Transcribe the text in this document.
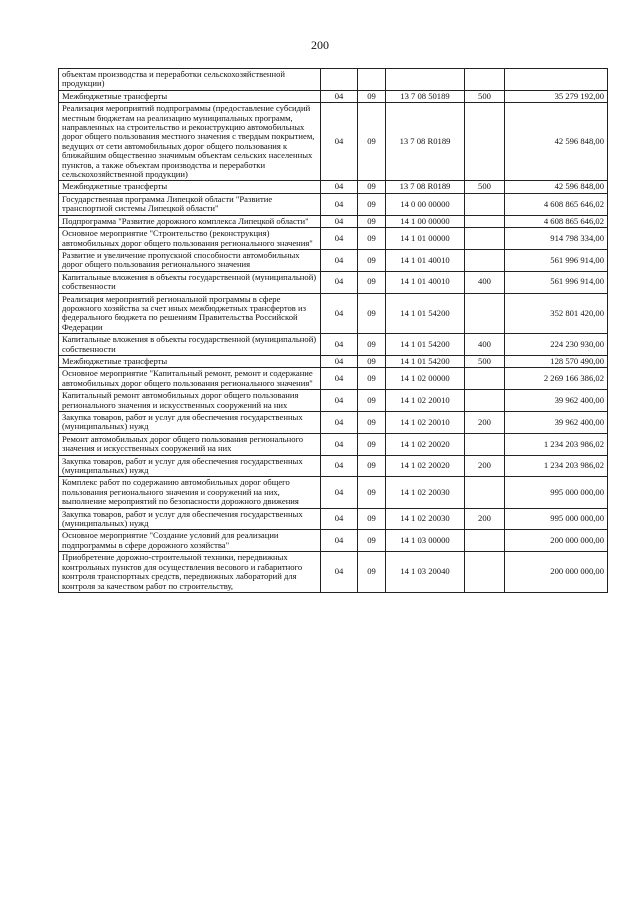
200
объектам производства и переработки сельскохозяйственной продукции)					
Межбюджетные трансферты	04	09	13 7 08 50189	500	35 279 192,00
Реализация мероприятий подпрограммы (предоставление субсидий местным бюджетам на реализацию муниципальных программ, направленных на строительство и реконструкцию автомобильных дорог общего пользования местного значения с твердым покрытием, ведущих от сети автомобильных дорог общего пользования к ближайшим общественно значимым объектам сельских населенных пунктов, а также объектам производства и переработки сельскохозяйственной продукции)	04	09	13 7 08 R0189		42 596 848,00
Межбюджетные трансферты	04	09	13 7 08 R0189	500	42 596 848,00
Государственная программа Липецкой области "Развитие транспортной системы Липецкой области"	04	09	14 0 00 00000		4 608 865 646,02
Подпрограмма "Развитие дорожного комплекса Липецкой области"	04	09	14 1 00 00000		4 608 865 646,02
Основное мероприятие "Строительство (реконструкция) автомобильных дорог общего пользования регионального значения"	04	09	14 1 01 00000		914 798 334,00
Развитие и увеличение пропускной способности автомобильных дорог общего пользования регионального значения	04	09	14 1 01 40010		561 996 914,00
Капитальные вложения в объекты государственной (муниципальной) собственности	04	09	14 1 01 40010	400	561 996 914,00
Реализация мероприятий региональной программы в сфере дорожного хозяйства за счет иных межбюджетных трансфертов из федерального бюджета по решениям Правительства Российской Федерации	04	09	14 1 01 54200		352 801 420,00
Капитальные вложения в объекты государственной (муниципальной) собственности	04	09	14 1 01 54200	400	224 230 930,00
Межбюджетные трансферты	04	09	14 1 01 54200	500	128 570 490,00
Основное мероприятие "Капитальный ремонт, ремонт и содержание автомобильных дорог общего пользования регионального значения"	04	09	14 1 02 00000		2 269 166 386,02
Капитальный ремонт автомобильных дорог общего пользования регионального значения и искусственных сооружений на них	04	09	14 1 02 20010		39 962 400,00
Закупка товаров, работ и услуг для обеспечения государственных (муниципальных) нужд	04	09	14 1 02 20010	200	39 962 400,00
Ремонт автомобильных дорог общего пользования регионального значения и искусственных сооружений на них	04	09	14 1 02 20020		1 234 203 986,02
Закупка товаров, работ и услуг для обеспечения государственных (муниципальных) нужд	04	09	14 1 02 20020	200	1 234 203 986,02
Комплекс работ по содержанию автомобильных дорог общего пользования регионального значения и сооружений на них, выполнение мероприятий по безопасности дорожного движения	04	09	14 1 02 20030		995 000 000,00
Закупка товаров, работ и услуг для обеспечения государственных (муниципальных) нужд	04	09	14 1 02 20030	200	995 000 000,00
Основное мероприятие "Создание условий для реализации подпрограммы в сфере дорожного хозяйства"	04	09	14 1 03 00000		200 000 000,00
Приобретение дорожно-строительной техники, передвижных контрольных пунктов для осуществления весового и габаритного контроля транспортных средств, передвижных лабораторий для контроля за качеством работ по строительству,	04	09	14 1 03 20040		200 000 000,00
